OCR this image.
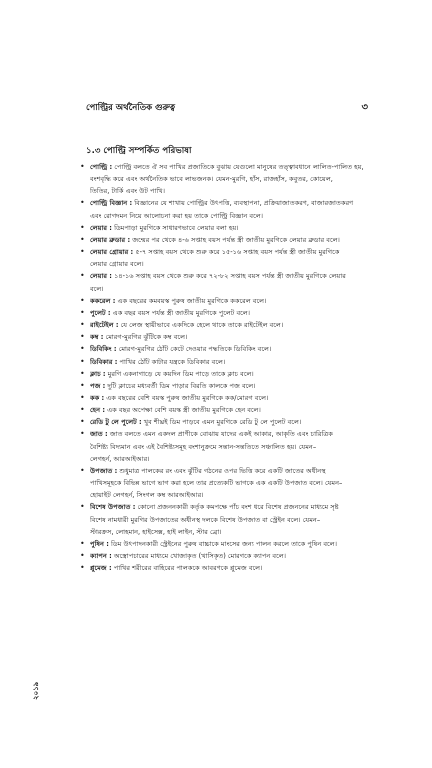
পোল্ট্রির অর্থনৈতিক গুরুত্ব	৩
১.৩ পোল্ট্রি সম্পর্কিত পরিভাষা
• পোল্ট্রি : পোল্ট্রি বলতে ঐ সব পাখির প্রজাতিকে বুঝায় যেগুলো মানুষের তত্ত্বাবধানে লালিত-পালিত হয়,
বংশবৃদ্ধি করে এবং অর্থনৈতিক ভাবে লাভজনক। যেমন-মুরগি, হাঁস, রাজহাঁস, কবুতর, কোয়েল,
তিতির, টার্কি এবং উট পাখি।
• পোল্ট্রি বিজ্ঞান : বিজ্ঞানের যে শাখায় পোল্ট্রির উৎপত্তি, ব্যবস্থাপনা, প্রক্রিয়াজাতকরণ, বাজারজাতকরণ
এবং রোগদমন নিয়ে আলোচনা করা হয় তাকে পোল্ট্রি বিজ্ঞান বলে।
• লেয়ার : ডিমপাড়া মুরগিকে সাধারণভাবে লেয়ার বলা হয়।
• লেয়ার ব্রুডার : জন্মের পর থেকে ৪-৬ সপ্তাহ বয়স পর্যন্ত স্ত্রী জাতীয় মুরগিকে লেয়ার ব্রুডার বলে।
• লেয়ার গ্রোয়ার : ৫-৭ সপ্তাহ বয়স থেকে শুরু করে ১৫-১৬ সপ্তাহ বয়স পর্যন্ত স্ত্রী জাতীয় মুরগিকে
লেয়ার গ্রোয়ার বলে।
• লেয়ার : ১৪-১৬ সপ্তাহ বয়স থেকে শুরু করে ৭২-৮২ সপ্তাহ বয়স পর্যন্ত স্ত্রী জাতীয় মুরগিকে লেয়ার
বলে।
• ককরেল : এক বছরের কমবয়স্ক পুরুষ জাতীয় মুরগিকে ককরেল বলে।
• পুলেট : এক বছর বয়স পর্যন্ত স্ত্রী জাতীয় মুরগিকে পুলেট বলে।
• রাইটেইল : যে লেজ স্থায়ীভাবে একদিকে হেলে থাকে তাকে রাইটেইল বলে।
• কম্ব : মোরগ-মুরগির ঝুঁটিকে কম্ব বলে।
• ডিবিকিং : মোরগ-মুরগির ঠোঁট কেটে দেওয়ার পদ্ধতিকে ডিবিকিং বলে।
• ডিবিকার : পাখির ঠোঁট কাটার যন্ত্রকে ডিবিকার বলে।
• ক্লাচ : মুরগি একনাগাড়ে যে কয়দিন ডিম পাড়ে তাকে ক্লাচ বলে।
• পজ : দুটি ক্লাচের মধ্যবর্তী ডিম পাড়ার বিরতি কালকে পজ বলে।
• কক : এক বছরের বেশি বয়স্ক পুরুষ জাতীয় মুরগিকে কক/মোরগ বলে।
• হেন : এক বছর অপেক্ষা বেশি বয়স্ক স্ত্রী জাতীয় মুরগিকে হেন বলে।
• রেডি টু লে পুলেট : খুব শীঘ্রই ডিম পাড়বে এমন মুরগিকে রেডি টু লে পুলেট বলে।
• জাত : জাত বলতে এমন একদল প্রাণীকে বোঝায় যাদের একই আকার, আকৃতি এবং চারিত্রিক
বৈশিষ্ট্য বিদ্যমান এবং এই বৈশিষ্ট্যসমূহ বংশানুক্রমে সন্তান-সন্ততিতে সঞ্চালিত হয়। যেমন–
লেগহর্ন, আরআইআর।
• উপজাত : শুধুমাত্র পালকের রং এবং ঝুঁটির গঠনের ওপর ভিত্তি করে একটি জাতের অধীনস্থ
পাখিসমূহকে বিভিন্ন ভাগে ভাগ করা হলে তার প্রত্যেকটি ভাগকে এক একটি উপজাত বলে। যেমন–
হোয়াইট লেগহর্ন, সিংগল কম্ব আরআইআর।
• বিশেষ উপজাত : কোনো প্রজননকারী কর্তৃক কমপক্ষে পাঁচ বংশ ধরে বিশেষ প্রজননের মাধ্যমে সৃষ্ট
বিশেষ নামধারী মুরগির উপজাতের অধীনস্থ দলকে বিশেষ উপজাত বা স্ট্রেইন বলে। যেমন–
স্টারক্রস, লোহমান, হাইসেক্স, হাই লাইন, স্টার ব্রো।
• পুষিন : ডিম উৎপাদনকারী স্ট্রেইনের পুরুষ বাচ্চাকে মাংসের জন্য পালন করলে তাকে পুষিন বলে।
• ক্যাপন : অস্ত্রোপচারের মাধ্যমে খোজাকৃত (খাসিকৃত) মোরগকে ক্যাপন বলে।
• প্লুমেজ : পাখির শরীরের বাহিরের পালককে আবরণকে প্লুমেজ বলে।
২০১৯
